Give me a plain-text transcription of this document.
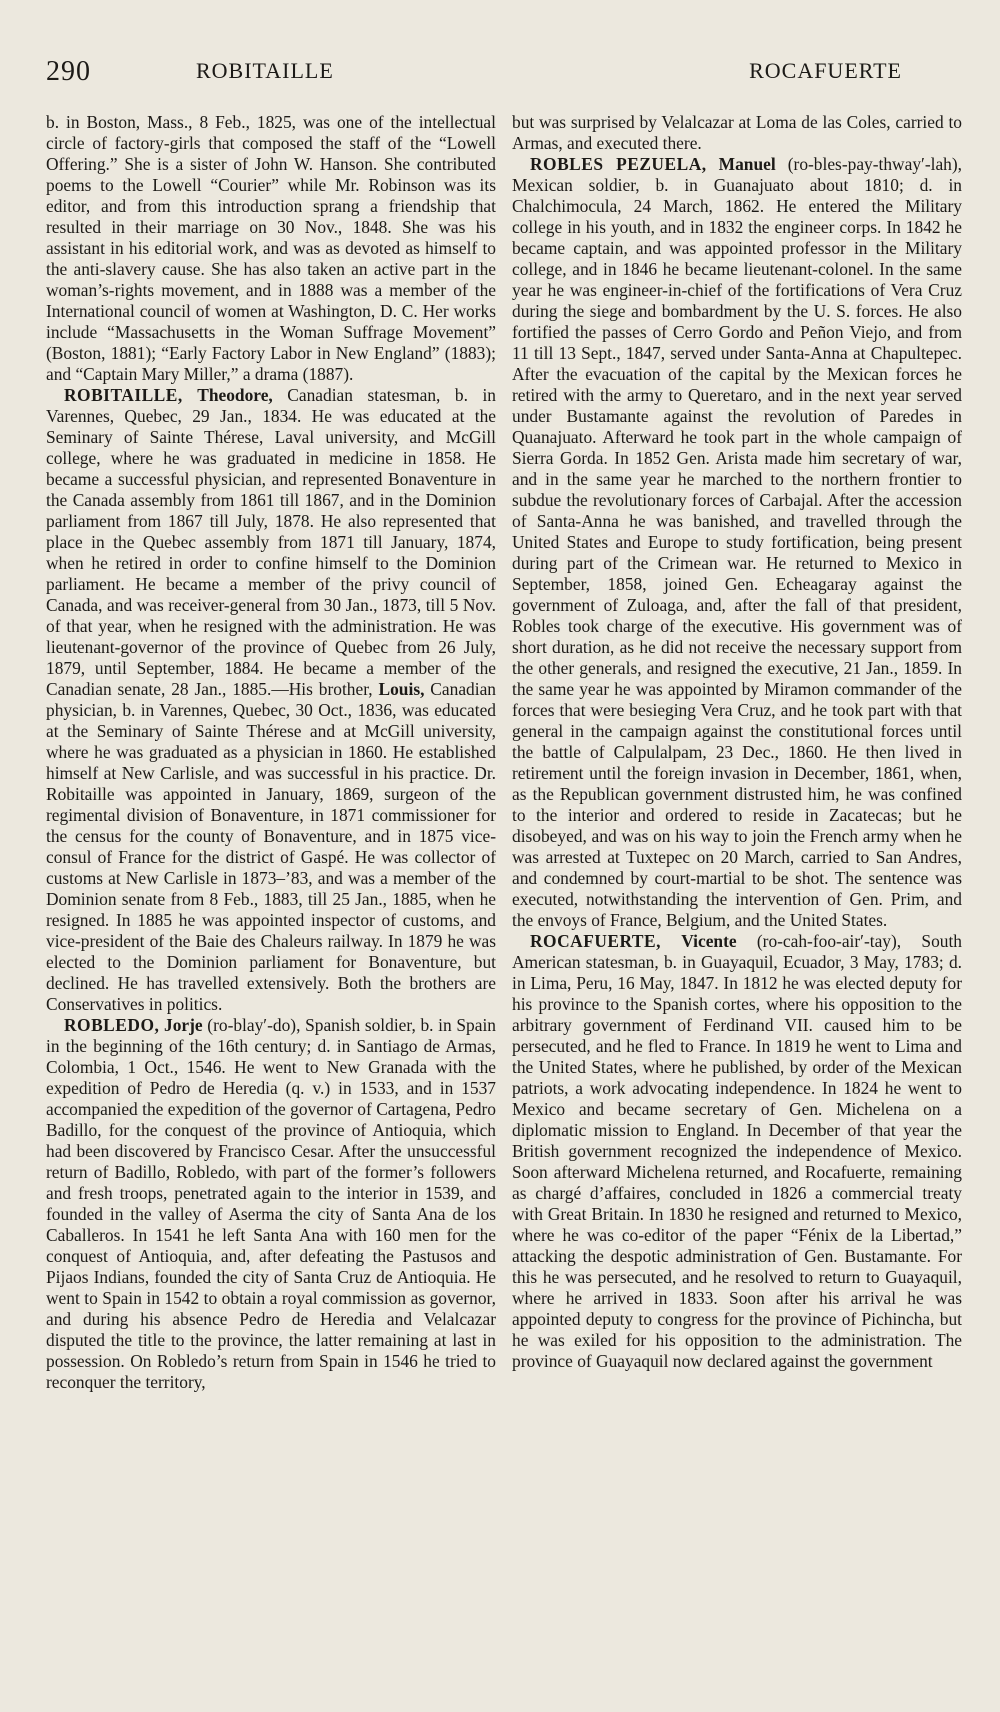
290	ROBITAILLE	ROCAFUERTE

b. in Boston, Mass., 8 Feb., 1825, was one of the intellectual circle of factory-girls that composed the staff of the “Lowell Offering.” She is a sister of John W. Hanson. She contributed poems to the Lowell “Courier” while Mr. Robinson was its editor, and from this introduction sprang a friendship that resulted in their marriage on 30 Nov., 1848. She was his assistant in his editorial work, and was as devoted as himself to the anti-slavery cause. She has also taken an active part in the woman’s-rights movement, and in 1888 was a member of the International council of women at Washington, D. C. Her works include “Massachusetts in the Woman Suffrage Movement” (Boston, 1881); “Early Factory Labor in New England” (1883); and “Captain Mary Miller,” a drama (1887).

ROBITAILLE, Theodore, Canadian statesman, b. in Varennes, Quebec, 29 Jan., 1834. He was educated at the Seminary of Sainte Thérese, Laval university, and McGill college, where he was graduated in medicine in 1858. He became a successful physician, and represented Bonaventure in the Canada assembly from 1861 till 1867, and in the Dominion parliament from 1867 till July, 1878. He also represented that place in the Quebec assembly from 1871 till January, 1874, when he retired in order to confine himself to the Dominion parliament. He became a member of the privy council of Canada, and was receiver-general from 30 Jan., 1873, till 5 Nov. of that year, when he resigned with the administration. He was lieutenant-governor of the province of Quebec from 26 July, 1879, until September, 1884. He became a member of the Canadian senate, 28 Jan., 1885.—His brother, Louis, Canadian physician, b. in Varennes, Quebec, 30 Oct., 1836, was educated at the Seminary of Sainte Thérese and at McGill university, where he was graduated as a physician in 1860. He established himself at New Carlisle, and was successful in his practice. Dr. Robitaille was appointed in January, 1869, surgeon of the regimental division of Bonaventure, in 1871 commissioner for the census for the county of Bonaventure, and in 1875 vice-consul of France for the district of Gaspé. He was collector of customs at New Carlisle in 1873–’83, and was a member of the Dominion senate from 8 Feb., 1883, till 25 Jan., 1885, when he resigned. In 1885 he was appointed inspector of customs, and vice-president of the Baie des Chaleurs railway. In 1879 he was elected to the Dominion parliament for Bonaventure, but declined. He has travelled extensively. Both the brothers are Conservatives in politics.

ROBLEDO, Jorje (ro-blay′-do), Spanish soldier, b. in Spain in the beginning of the 16th century; d. in Santiago de Armas, Colombia, 1 Oct., 1546. He went to New Granada with the expedition of Pedro de Heredia (q. v.) in 1533, and in 1537 accompanied the expedition of the governor of Cartagena, Pedro Badillo, for the conquest of the province of Antioquia, which had been discovered by Francisco Cesar. After the unsuccessful return of Badillo, Robledo, with part of the former’s followers and fresh troops, penetrated again to the interior in 1539, and founded in the valley of Aserma the city of Santa Ana de los Caballeros. In 1541 he left Santa Ana with 160 men for the conquest of Antioquia, and, after defeating the Pastusos and Pijaos Indians, founded the city of Santa Cruz de Antioquia. He went to Spain in 1542 to obtain a royal commission as governor, and during his absence Pedro de Heredia and Velalcazar disputed the title to the province, the latter remaining at last in possession. On Robledo’s return from Spain in 1546 he tried to reconquer the territory,

but was surprised by Velalcazar at Loma de las Coles, carried to Armas, and executed there.

ROBLES PEZUELA, Manuel (ro-bles-pay-thway′-lah), Mexican soldier, b. in Guanajuato about 1810; d. in Chalchimocula, 24 March, 1862. He entered the Military college in his youth, and in 1832 the engineer corps. In 1842 he became captain, and was appointed professor in the Military college, and in 1846 he became lieutenant-colonel. In the same year he was engineer-in-chief of the fortifications of Vera Cruz during the siege and bombardment by the U. S. forces. He also fortified the passes of Cerro Gordo and Peñon Viejo, and from 11 till 13 Sept., 1847, served under Santa-Anna at Chapultepec. After the evacuation of the capital by the Mexican forces he retired with the army to Queretaro, and in the next year served under Bustamante against the revolution of Paredes in Quanajuato. Afterward he took part in the whole campaign of Sierra Gorda. In 1852 Gen. Arista made him secretary of war, and in the same year he marched to the northern frontier to subdue the revolutionary forces of Carbajal. After the accession of Santa-Anna he was banished, and travelled through the United States and Europe to study fortification, being present during part of the Crimean war. He returned to Mexico in September, 1858, joined Gen. Echeagaray against the government of Zuloaga, and, after the fall of that president, Robles took charge of the executive. His government was of short duration, as he did not receive the necessary support from the other generals, and resigned the executive, 21 Jan., 1859. In the same year he was appointed by Miramon commander of the forces that were besieging Vera Cruz, and he took part with that general in the campaign against the constitutional forces until the battle of Calpulalpam, 23 Dec., 1860. He then lived in retirement until the foreign invasion in December, 1861, when, as the Republican government distrusted him, he was confined to the interior and ordered to reside in Zacatecas; but he disobeyed, and was on his way to join the French army when he was arrested at Tuxtepec on 20 March, carried to San Andres, and condemned by court-martial to be shot. The sentence was executed, notwithstanding the intervention of Gen. Prim, and the envoys of France, Belgium, and the United States.

ROCAFUERTE, Vicente (ro-cah-foo-air′-tay), South American statesman, b. in Guayaquil, Ecuador, 3 May, 1783; d. in Lima, Peru, 16 May, 1847. In 1812 he was elected deputy for his province to the Spanish cortes, where his opposition to the arbitrary government of Ferdinand VII. caused him to be persecuted, and he fled to France. In 1819 he went to Lima and the United States, where he published, by order of the Mexican patriots, a work advocating independence. In 1824 he went to Mexico and became secretary of Gen. Michelena on a diplomatic mission to England. In December of that year the British government recognized the independence of Mexico. Soon afterward Michelena returned, and Rocafuerte, remaining as chargé d’affaires, concluded in 1826 a commercial treaty with Great Britain. In 1830 he resigned and returned to Mexico, where he was co-editor of the paper “Fénix de la Libertad,” attacking the despotic administration of Gen. Bustamante. For this he was persecuted, and he resolved to return to Guayaquil, where he arrived in 1833. Soon after his arrival he was appointed deputy to congress for the province of Pichincha, but he was exiled for his opposition to the administration. The province of Guayaquil now declared against the government
